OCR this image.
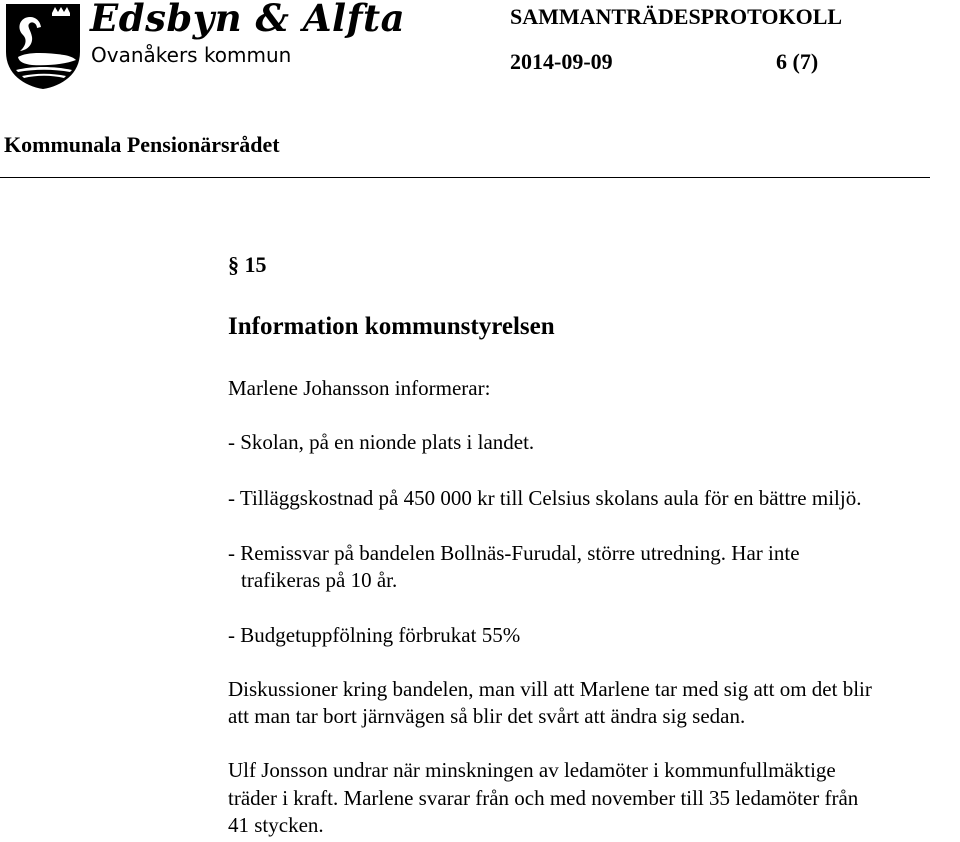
Edsbyn & Alfta
Ovanåkers kommun
SAMMANTRÄDESPROTOKOLL
2014-09-09	6 (7)
Kommunala Pensionärsrådet
§ 15
Information kommunstyrelsen
Marlene Johansson informerar:
- Skolan, på en nionde plats i landet.
- Tilläggskostnad på 450 000 kr till Celsius skolans aula för en bättre miljö.
- Remissvar på bandelen Bollnäs-Furudal, större utredning. Har inte
trafikeras på 10 år.
- Budgetuppfölning förbrukat 55%
Diskussioner kring bandelen, man vill att Marlene tar med sig att om det blir
att man tar bort järnvägen så blir det svårt att ändra sig sedan.
Ulf Jonsson undrar när minskningen av ledamöter i kommunfullmäktige
träder i kraft. Marlene svarar från och med november till 35 ledamöter från
41 stycken.
